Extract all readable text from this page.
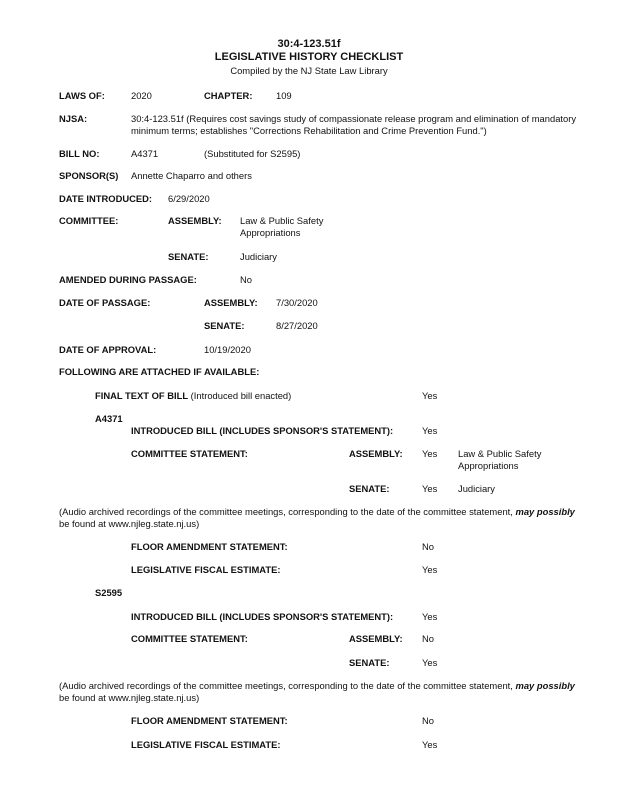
30:4-123.51f
LEGISLATIVE HISTORY CHECKLIST
Compiled by the NJ State Law Library
LAWS OF:	2020	CHAPTER:	109
NJSA:	30:4-123.51f (Requires cost savings study of compassionate release program and elimination of mandatory
minimum terms; establishes "Corrections Rehabilitation and Crime Prevention Fund.")
BILL NO:	A4371	(Substituted for S2595)
SPONSOR(S) Annette Chaparro and others
DATE INTRODUCED: 6/29/2020
COMMITTEE:	ASSEMBLY: Law & Public Safety
Appropriations
SENATE:	Judiciary
AMENDED DURING PASSAGE:	No
DATE OF PASSAGE:	ASSEMBLY: 7/30/2020
SENATE:	8/27/2020
DATE OF APPROVAL:	10/19/2020
FOLLOWING ARE ATTACHED IF AVAILABLE:
FINAL TEXT OF BILL (Introduced bill enacted)	Yes
A4371
INTRODUCED BILL (INCLUDES SPONSOR'S STATEMENT):	Yes
COMMITTEE STATEMENT:	ASSEMBLY: Yes Law & Public Safety
Appropriations
SENATE:	Yes Judiciary
(Audio archived recordings of the committee meetings, corresponding to the date of the committee statement, may possibly
be found at www.njleg.state.nj.us)
FLOOR AMENDMENT STATEMENT:	No
LEGISLATIVE FISCAL ESTIMATE:	Yes
S2595
INTRODUCED BILL (INCLUDES SPONSOR'S STATEMENT):	Yes
COMMITTEE STATEMENT:	ASSEMBLY: No
SENATE:	Yes
(Audio archived recordings of the committee meetings, corresponding to the date of the committee statement, may possibly
be found at www.njleg.state.nj.us)
FLOOR AMENDMENT STATEMENT:	No
LEGISLATIVE FISCAL ESTIMATE:	Yes
